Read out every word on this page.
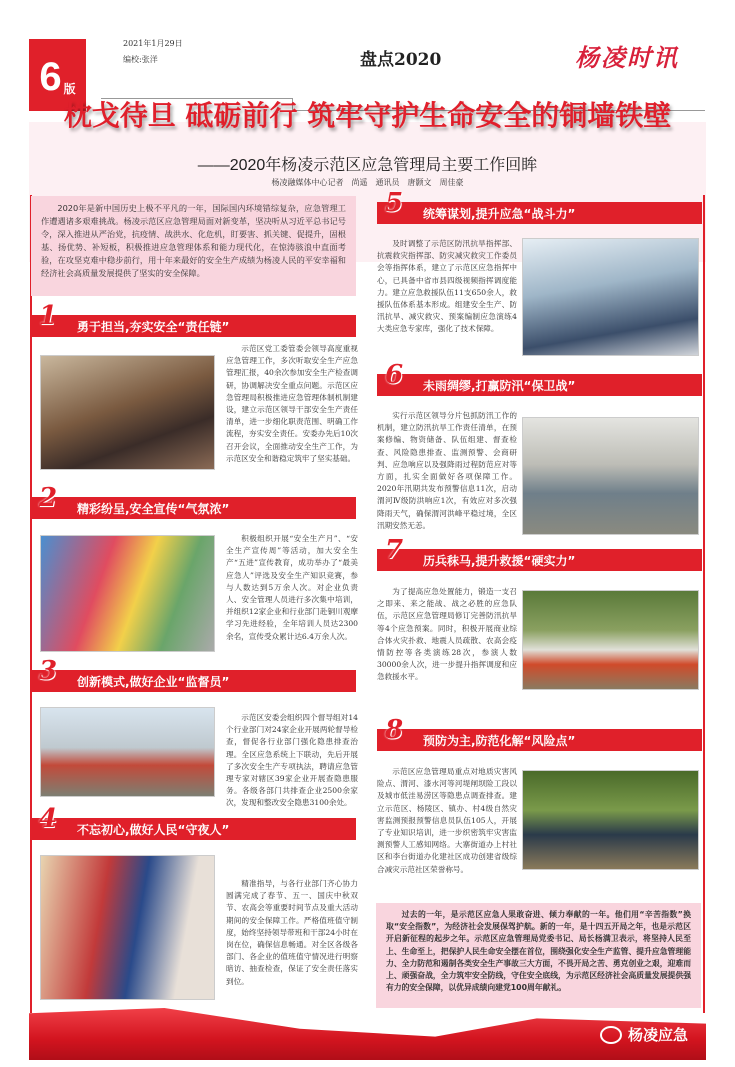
6 版
2021年1月29日
编校:张洋	盘点2020	杨凌时讯
枕戈待旦 砥砺前行 筑牢守护生命安全的铜墙铁壁
——2020年杨凌示范区应急管理局主要工作回眸
杨凌融媒体中心记者　尚遥　通讯员　唐颢文　周佳豪
2020年是新中国历史上极不平凡的一年，国际国内环境错综复杂，应急管理工作遭遇诸多艰难挑战。杨凌示范区应急管理局面对新变革，坚决听从习近平总书记号令，深入推进从严治党，抗疫情、战洪水、化危机，盯要害、抓关键、促提升，固根基、扬优势、补短板，积极推进应急管理体系和能力现代化，在惊涛骇浪中直面考验，在攻坚克难中稳步前行，用十年来最好的安全生产成绩为杨凌人民的平安幸福和经济社会高质量发展提供了坚实的安全保障。
1 勇于担当,夯实安全“责任链”
示范区党工委管委会领导高度重视应急管理工作，多次听取安全生产应急管理汇报，40余次参加安全生产检查调研，协调解决安全重点问题。示范区应急管理局积极推进应急管理体制机制建设，建立示范区领导干部安全生产责任清单，进一步细化职责范围、明确工作流程，夯实安全责任。安委办先后10次召开会议，全面推动安全生产工作，为示范区安全和谐稳定筑牢了坚实基础。
2 精彩纷呈,安全宣传“气氛浓”
积极组织开展“安全生产月”、“安全生产宣传周”等活动，加大安全生产“五进”宣传教育，成功举办了“最美应急人”评选及安全生产知识竞赛，参与人数达到5万余人次。对企业负责人、安全管理人员进行多次集中培训，并组织12家企业和行业部门赴铜川观摩学习先进经验，全年培训人员达2300余名，宣传受众累计达6.4万余人次。
3 创新模式,做好企业“监督员”
示范区安委会组织四个督导组对14个行业部门对24家企业开展两轮督导检查，督促各行业部门强化隐患排查治理。全区应急系统上下联动，先后开展了多次安全生产专项执法，聘请应急管理专家对辖区39家企业开展查隐患服务。各级各部门共排查企业2500余家次，发现和整改安全隐患3100余处。
4 不忘初心,做好人民“守夜人”
精准指导，与各行业部门齐心协力圆满完成了春节、五一、国庆中秋双节、农高会等重要时间节点及重大活动期间的安全保障工作。严格值班值守制度，始终坚持领导带班和干部24小时在岗在位，确保信息畅通。对全区各级各部门、各企业的值班值守情况进行明察暗访、抽查检查，保证了安全责任落实到位。
5 统筹谋划,提升应急“战斗力”
及时调整了示范区防汛抗旱指挥部、抗震救灾指挥部、防灾减灾救灾工作委员会等指挥体系，建立了示范区应急指挥中心，已具备中省市县四级视频指挥调度能力。建立应急救援队伍11支650余人，救援队伍体系基本形成。组建安全生产、防汛抗旱、减灾救灾、预案编制应急演练4大类应急专家库，强化了技术保障。
6 未雨绸缪,打赢防汛“保卫战”
实行示范区领导分片包抓防汛工作的机制，建立防汛抗旱工作责任清单，在预案修编、物资储备、队伍组建、督查检查、风险隐患排查、监测预警、会商研判、应急响应以及强降雨过程防范应对等方面，扎实全面做好各项保障工作。2020年汛期共发布预警信息11次，启动渭河Ⅳ级防洪响应1次，有效应对多次强降雨天气，确保渭河洪峰平稳过境，全区汛期安然无恙。
7 历兵秣马,提升救援“硬实力”
为了提高应急处置能力，锻造一支召之即来、来之能战、战之必胜的应急队伍，示范区应急管理局修订完善防汛抗旱等4个应急预案。同时，积极开展商业综合体火灾扑救、地震人员疏散、农高会疫情防控等各类演练28次，参演人数30000余人次，进一步提升指挥调度和应急救援水平。
8 预防为主,防范化解“风险点”
示范区应急管理局重点对地质灾害风险点、渭河、漆水河等河堤闸坝险工段以及城市低洼易涝区等隐患点调查排查。建立示范区、杨陵区、镇办、村4级自然灾害监测预报预警信息员队伍105人，开展了专业知识培训，进一步织密筑牢灾害监测预警人工感知网络。大寨街道办上村社区和李台街道办化建社区成功创建省级综合减灾示范社区荣誉称号。
过去的一年，是示范区应急人果敢奋进、倾力奉献的一年。他们用“辛苦指数”换取“安全指数”，为经济社会发展保驾护航。新的一年，是十四五开局之年，也是示范区开启新征程的起步之年。示范区应急管理局党委书记、局长杨满卫表示，将坚持人民至上、生命至上，把保护人民生命安全摆在首位，围绕强化安全生产监管、提升应急管理能力、全力防范和遏制各类安全生产事故三大方面，不畏开局之苦、勇克创业之艰，迎难而上、顽强奋战，全力筑牢安全防线，守住安全底线，为示范区经济社会高质量发展提供强有力的安全保障，以优异成绩向建党100周年献礼。
杨凌应急
